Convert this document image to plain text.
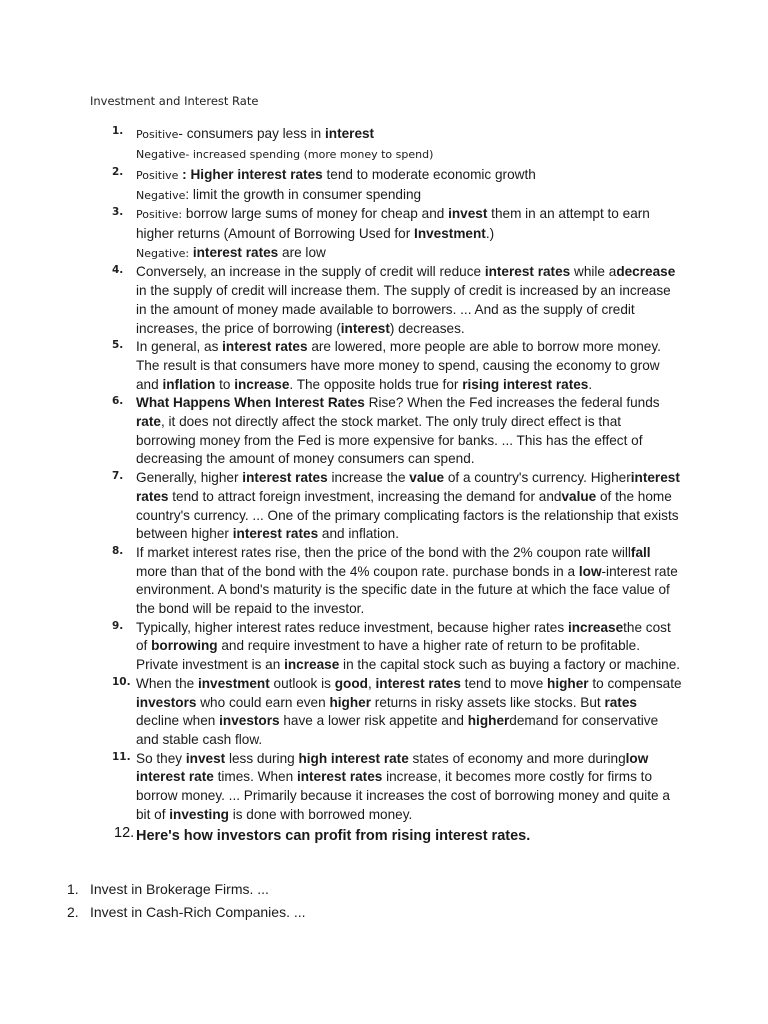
Investment and Interest Rate
1.	Positive- consumers pay less in interest
Negative- increased spending (more money to spend)
2.	Positive : Higher interest rates tend to moderate economic growth
Negative: limit the growth in consumer spending
3.	Positive: borrow large sums of money for cheap and invest them in an attempt to earn higher returns (Amount of Borrowing Used for Investment.)
Negative: interest rates are low
4. Conversely, an increase in the supply of credit will reduce interest rates while adecrease in the supply of credit will increase them. The supply of credit is increased by an increase in the amount of money made available to borrowers. ... And as the supply of credit increases, the price of borrowing (interest) decreases.
5. In general, as interest rates are lowered, more people are able to borrow more money. The result is that consumers have more money to spend, causing the economy to grow and inflation to increase. The opposite holds true for rising interest rates.
6. What Happens When Interest Rates Rise? When the Fed increases the federal funds rate, it does not directly affect the stock market. The only truly direct effect is that borrowing money from the Fed is more expensive for banks. ... This has the effect of decreasing the amount of money consumers can spend.
7. Generally, higher interest rates increase the value of a country's currency. Higherinterest rates tend to attract foreign investment, increasing the demand for andvalue of the home country's currency. ... One of the primary complicating factors is the relationship that exists between higher interest rates and inflation.
8. If market interest rates rise, then the price of the bond with the 2% coupon rate willfall more than that of the bond with the 4% coupon rate. purchase bonds in a low-interest rate environment. A bond's maturity is the specific date in the future at which the face value of the bond will be repaid to the investor.
9. Typically, higher interest rates reduce investment, because higher rates increasethe cost of borrowing and require investment to have a higher rate of return to be profitable. Private investment is an increase in the capital stock such as buying a factory or machine.
10. When the investment outlook is good, interest rates tend to move higher to compensate investors who could earn even higher returns in risky assets like stocks. But rates decline when investors have a lower risk appetite and higherdemand for conservative and stable cash flow.
11. So they invest less during high interest rate states of economy and more duringlow interest rate times. When interest rates increase, it becomes more costly for firms to borrow money. ... Primarily because it increases the cost of borrowing money and quite a bit of investing is done with borrowed money.
12. Here's how investors can profit from rising interest rates.
1. Invest in Brokerage Firms. ...
2. Invest in Cash-Rich Companies. ...
